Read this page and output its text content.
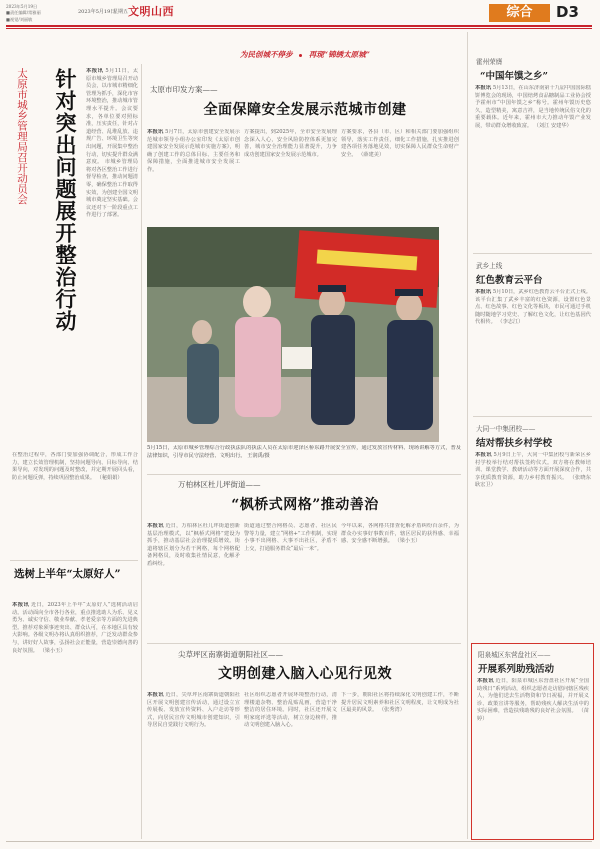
2023年5月19日
■责任编辑/常雅丽
■视觉/刘丽敏
2023年5月19日
星期五 文明山西	综合	D3
为民创城不停步 再现“锦绣太原城”
太原市城乡管理局召开动员会	针对突出问题展开整治行动 本报讯 5月11日，太原市城乡管理局召开动员会，以市城市精细化管理为抓手，深化市容环境整治，推动城市管理水平提升。会议要求，各单位要对照标准，压实责任，针对占道经营、乱堆乱放、违规广告、环境卫生等突出问题，开展集中整治行动，切实提升群众满意度。 市城乡管理局将对各区整治工作进行督导检查，推动问题清零，确保整治工作取得实效，为创建全国文明城市奠定坚实基础。会议还对下一阶段重点工作进行了部署。
在整治过程中，各部门要加强协调配合，形成工作合力，建立长效管理机制，坚持问题导向、目标导向、结果导向，对发现的问题及时整改，并定期开展回头看，防止问题反弹，持续巩固整治成果。 （秘娟娟）
选树上半年“太原好人”
本报讯 近日，2023年上半年“太原好人”选树活动启动。活动面向全市各行各业，重点推选助人为乐、见义勇为、诚实守信、敬业奉献、孝老爱亲等方面的先进典型。推荐对象须事迹突出、群众认可，在本地区具有较大影响。各级文明办将认真组织推荐，广泛发动群众参与，讲好好人故事，弘扬社会正能量，营造崇德向善的良好氛围。 （梁小玉）
太原市印发方案——
全面保障安全发展示范城市创建
本报讯 5月7日，太原市创建安全发展示范城市领导小组办公室印发《太原市创建国家安全发展示范城市实施方案》，明确了创建工作的总体目标、主要任务和保障措施，全面推进城市安全发展工作。
方案提出，到2025年，全市安全发展理念深入人心，安全风险防控体系更加完善，城市安全治理能力显著提升，力争成功创建国家安全发展示范城市。
方案要求，各县（市、区）和相关部门要加强组织领导，落实工作责任，细化工作措施，扎实推进创建各项任务落地见效，切实保障人民群众生命财产安全。 （薛建美）
5月15日，太原市城乡管理综合行政执法队的执法人员在太原市迎泽区桥东路开展安全宣传，通过发放宣传材料、现场讲解等方式，普及法律知识，引导市民守法经营、文明出行。 王润禹/摄
万柏林区杜儿坪街道——
“枫桥式网格”推动善治
本报讯 近日，万柏林区杜儿坪街道创新基层治理模式，以“枫桥式网格”建设为抓手，推动基层社会治理提质增效。街道将辖区划分为若干网格，每个网格配备网格员，及时收集社情民意，化解矛盾纠纷。
街道通过整合网格员、志愿者、社区民警等力量，建立“网格+”工作机制，实现小事不出网格、大事不出社区，矛盾不上交，打通服务群众“最后一米”。
今年以来，各网格共排查化解矛盾纠纷百余件，为群众办实事好事数百件，辖区居民的获得感、幸福感、安全感不断增强。 （梁小玉）
尖草坪区南寨街道朝阳社区——
文明创建入脑入心见行见效
本报讯 近日，尖草坪区南寨街道朝阳社区开展文明创建宣传活动，通过设立宣传展板、发放宣传资料、入户走访等形式，向居民宣传文明城市创建知识，引导居民自觉践行文明行为。
社区组织志愿者开展环境整治行动，清理楼道杂物、整治乱贴乱画，营造干净整洁的居住环境。同时，社区还开展文明家庭评选等活动，树立身边榜样，推动文明创建入脑入心。
下一步，朝阳社区将持续深化文明创建工作，不断提升居民文明素养和社区文明程度，让文明成为社区最美的风景。 （张秀湾）
霍州荣膺
“中国年馍之乡”
本报讯 5月13日，在山东济南第十九届中国国际糕饼博览会的现场，中国焙烤食品糖制品工业协会授予霍州市“中国年馍之乡”称号。霍州年馍历史悠久，造型精美，寓意吉祥，是当地传统民俗文化的重要载体。近年来，霍州市大力推动年馍产业发展，带动群众增收致富。 （刘江 安建华）
武乡上线
红色教育云平台
本报讯 5月10日，武乡红色教育云平台正式上线。该平台汇集了武乡丰富的红色资源，设置红色景点、红色故事、红色文化等板块，市民可通过手机随时随地学习党史、了解红色文化，让红色基因代代相传。 （李志江）
大同一中集团校——
结对帮扶乡村学校
本报讯 5月9日上午，大同一中集团校与新荣区乡村学校举行结对帮扶签约仪式。双方将在教师培训、课堂教学、教研活动等方面开展深度合作，共享优质教育资源，助力乡村教育振兴。 （张晓东 耿宏卫）
阳泉城区东营盘社区——
开展系列助残活动
本报讯 近日，阳泉市城区东营盘社区开展“全国助残日”系列活动，组织志愿者走访慰问辖区残疾人，为他们送去生活物资和节日祝福，并开展义诊、政策宣讲等服务，帮助残疾人解决生活中的实际困难，营造扶残助残的良好社会氛围。 （苗 婷）
